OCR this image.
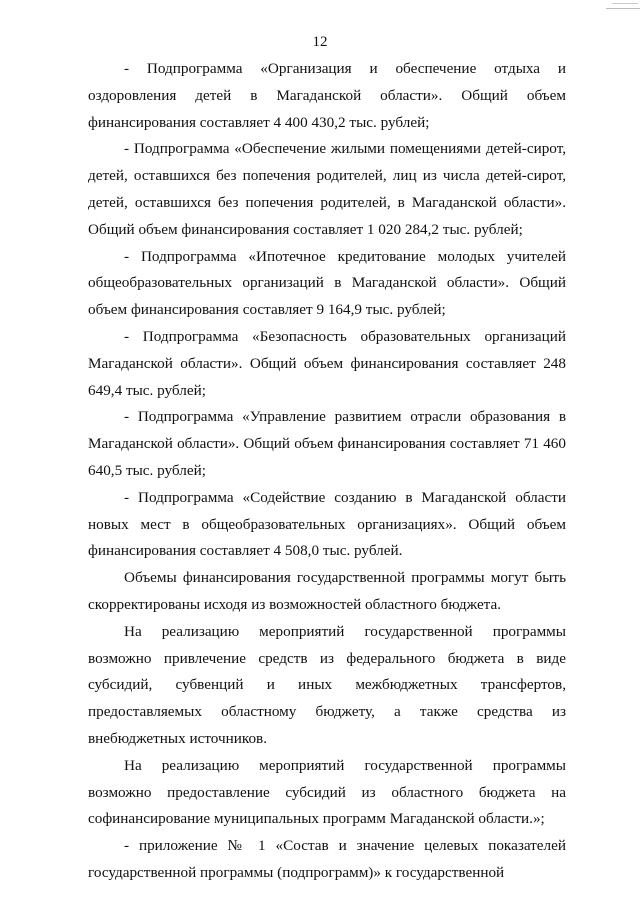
12

- Подпрограмма «Организация и обеспечение отдыха и оздоровления детей в Магаданской области». Общий объем финансирования составляет 4 400 430,2 тыс. рублей;

- Подпрограмма «Обеспечение жилыми помещениями детей-сирот, детей, оставшихся без попечения родителей, лиц из числа детей-сирот, детей, оставшихся без попечения родителей, в Магаданской области». Общий объем финансирования составляет 1 020 284,2 тыс. рублей;

- Подпрограмма «Ипотечное кредитование молодых учителей общеобразовательных организаций в Магаданской области». Общий объем финансирования составляет 9 164,9 тыс. рублей;

- Подпрограмма «Безопасность образовательных организаций Магаданской области». Общий объем финансирования составляет 248 649,4 тыс. рублей;

- Подпрограмма «Управление развитием отрасли образования в Магаданской области». Общий объем финансирования составляет 71 460 640,5 тыс. рублей;

- Подпрограмма «Содействие созданию в Магаданской области новых мест в общеобразовательных организациях». Общий объем финансирования составляет 4 508,0 тыс. рублей.

Объемы финансирования государственной программы могут быть скорректированы исходя из возможностей областного бюджета.

На реализацию мероприятий государственной программы возможно привлечение средств из федерального бюджета в виде субсидий, субвенций и иных межбюджетных трансфертов, предоставляемых областному бюджету, а также средства из внебюджетных источников.

На реализацию мероприятий государственной программы возможно предоставление субсидий из областного бюджета на софинансирование муниципальных программ Магаданской области.»;

- приложение № 1 «Состав и значение целевых показателей государственной программы (подпрограмм)» к государственной
